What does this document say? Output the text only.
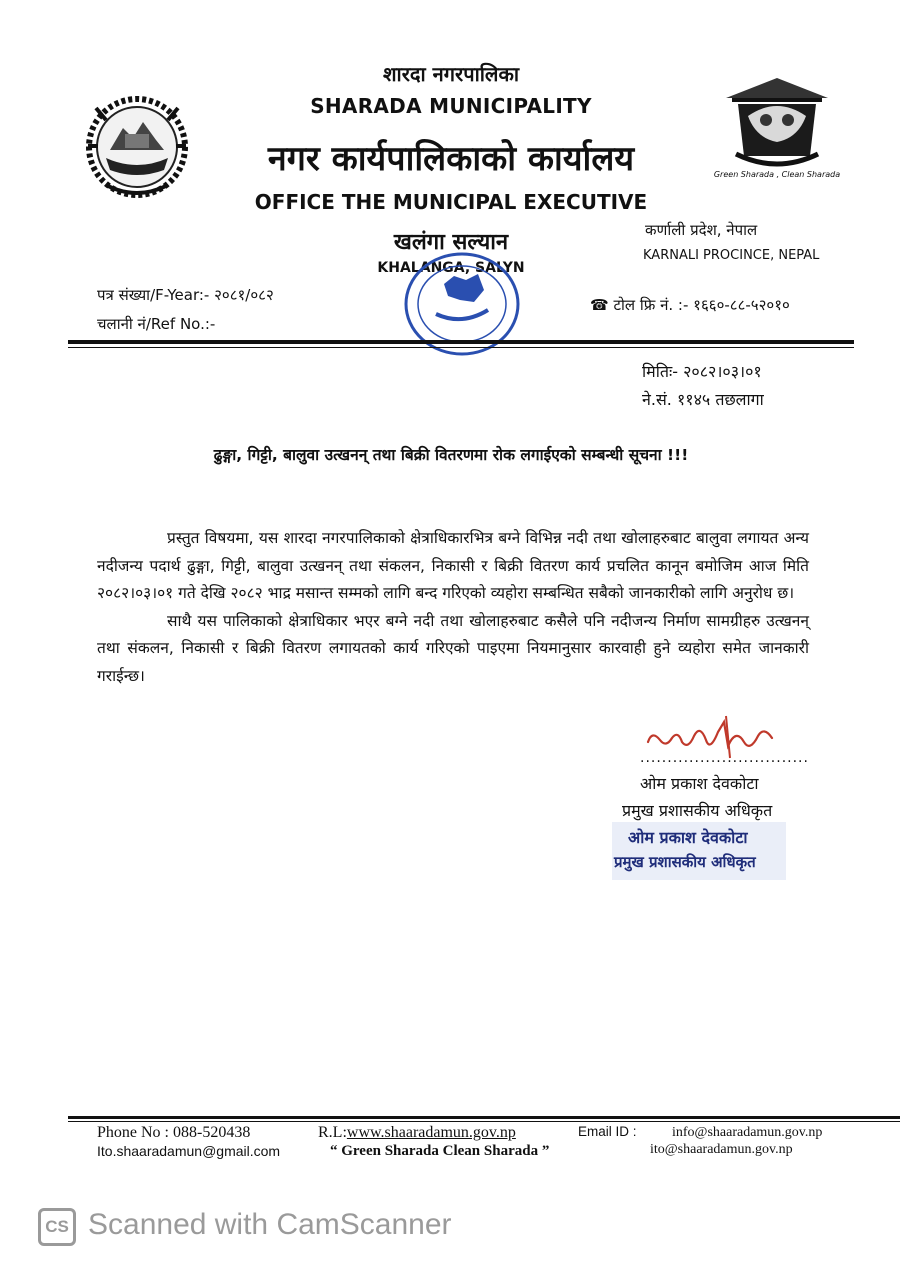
Green Sharada , Clean Sharada
शारदा नगरपालिका
SHARADA MUNICIPALITY
नगर कार्यपालिकाको कार्यालय
OFFICE THE MUNICIPAL EXECUTIVE
खलंगा सल्यान
KHALANGA, SALYN
कर्णाली प्रदेश, नेपाल
KARNALI PROCINCE, NEPAL
पत्र संख्या/F-Year:- २०८१/०८२
चलानी नं/Ref No.:-
☎ टोल फ्रि नं. :- १६६०-८८-५२०१०
मितिः- २०८२।०३।०१
ने.सं. ११४५ तछलागा
ढुङ्गा, गिट्टी, बालुवा उत्खनन् तथा बिक्री वितरणमा रोक लगाईएको सम्बन्धी सूचना !!!

प्रस्तुत विषयमा, यस शारदा नगरपालिकाको क्षेत्राधिकारभित्र बग्ने विभिन्न नदी तथा खोलाहरुबाट बालुवा लगायत अन्य नदीजन्य पदार्थ ढुङ्गा, गिट्टी, बालुवा उत्खनन् तथा संकलन, निकासी र बिक्री वितरण कार्य प्रचलित कानून बमोजिम आज मिति २०८२।०३।०१ गते देखि २०८२ भाद्र मसान्त सम्मको लागि बन्द गरिएको व्यहोरा सम्बन्धित सबैको जानकारीको लागि अनुरोध छ।

साथै यस पालिकाको क्षेत्राधिकार भएर बग्ने नदी तथा खोलाहरुबाट कसैले पनि नदीजन्य निर्माण सामग्रीहरु उत्खनन् तथा संकलन, निकासी र बिक्री वितरण लगायतको कार्य गरिएको पाइएमा नियमानुसार कारवाही हुने व्यहोरा समेत जानकारी गराईन्छ।

...............................
ओम प्रकाश देवकोटा
प्रमुख प्रशासकीय अधिकृत
ओम प्रकाश देवकोटा
प्रमुख प्रशासकीय अधिकृत
Phone No : 088-520438
Ito.shaaradamun@gmail.com
R.L:www.shaaradamun.gov.np
“ Green Sharada Clean Sharada ”
Email ID :	info@shaaradamun.gov.np
ito@shaaradamun.gov.np
CS Scanned with CamScanner
